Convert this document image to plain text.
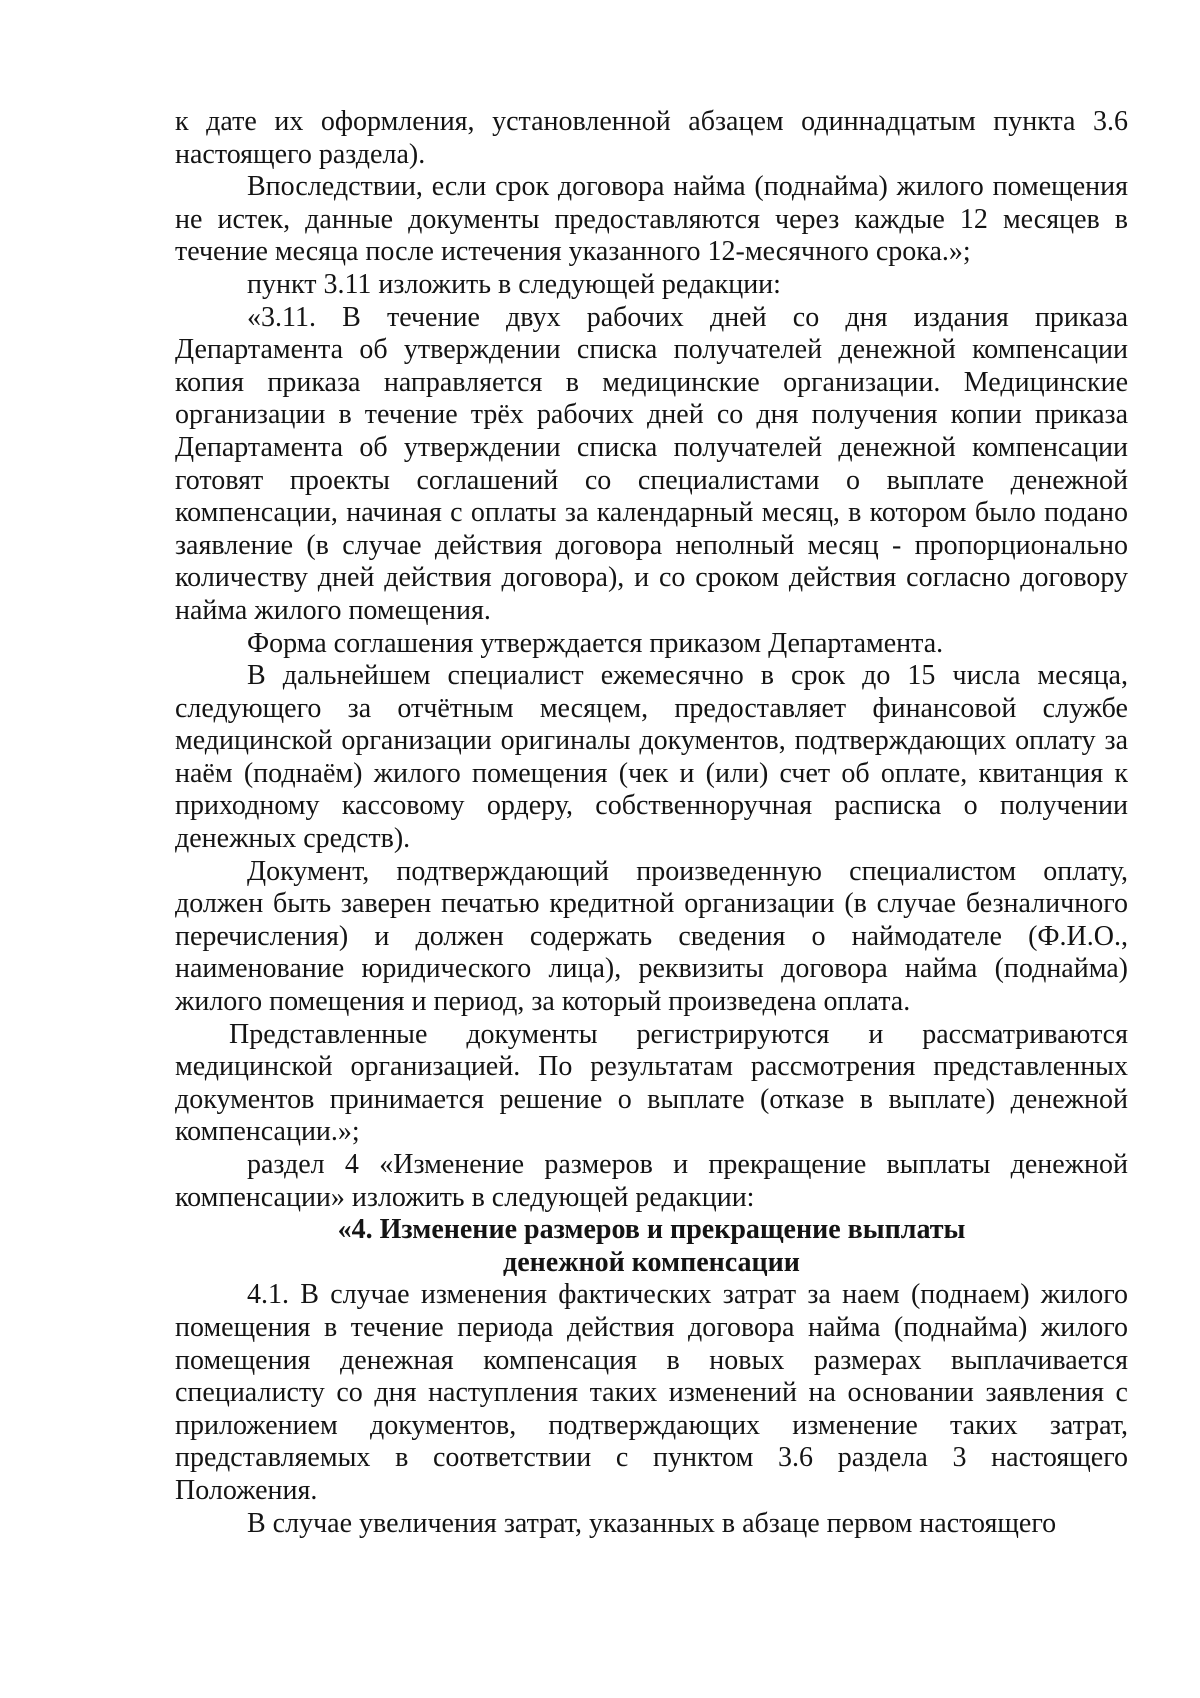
к дате их оформления, установленной абзацем одиннадцатым пункта 3.6 настоящего раздела).

Впоследствии, если срок договора найма (поднайма) жилого помещения не истек, данные документы предоставляются через каждые 12 месяцев в течение месяца после истечения указанного 12-месячного срока.»;

пункт 3.11 изложить в следующей редакции:

«3.11. В течение двух рабочих дней со дня издания приказа Департамента об утверждении списка получателей денежной компенсации копия приказа направляется в медицинские организации. Медицинские организации в течение трёх рабочих дней со дня получения копии приказа Департамента об утверждении списка получателей денежной компенсации готовят проекты соглашений со специалистами о выплате денежной компенсации, начиная с оплаты за календарный месяц, в котором было подано заявление (в случае действия договора неполный месяц - пропорционально количеству дней действия договора), и со сроком действия согласно договору найма жилого помещения.

Форма соглашения утверждается приказом Департамента.

В дальнейшем специалист ежемесячно в срок до 15 числа месяца, следующего за отчётным месяцем, предоставляет финансовой службе медицинской организации оригиналы документов, подтверждающих оплату за наём (поднаём) жилого помещения (чек и (или) счет об оплате, квитанция к приходному кассовому ордеру, собственноручная расписка о получении денежных средств).

Документ, подтверждающий произведенную специалистом оплату, должен быть заверен печатью кредитной организации (в случае безналичного перечисления) и должен содержать сведения о наймодателе (Ф.И.О., наименование юридического лица), реквизиты договора найма (поднайма) жилого помещения и период, за который произведена оплата.

Представленные документы регистрируются и рассматриваются медицинской организацией. По результатам рассмотрения представленных документов принимается решение о выплате (отказе в выплате) денежной компенсации.»;

раздел 4 «Изменение размеров и прекращение выплаты денежной компенсации» изложить в следующей редакции:

«4. Изменение размеров и прекращение выплаты

денежной компенсации

4.1. В случае изменения фактических затрат за наем (поднаем) жилого помещения в течение периода действия договора найма (поднайма) жилого помещения денежная компенсация в новых размерах выплачивается специалисту со дня наступления таких изменений на основании заявления с приложением документов, подтверждающих изменение таких затрат, представляемых в соответствии с пунктом 3.6 раздела 3 настоящего Положения.

В случае увеличения затрат, указанных в абзаце первом настоящего
